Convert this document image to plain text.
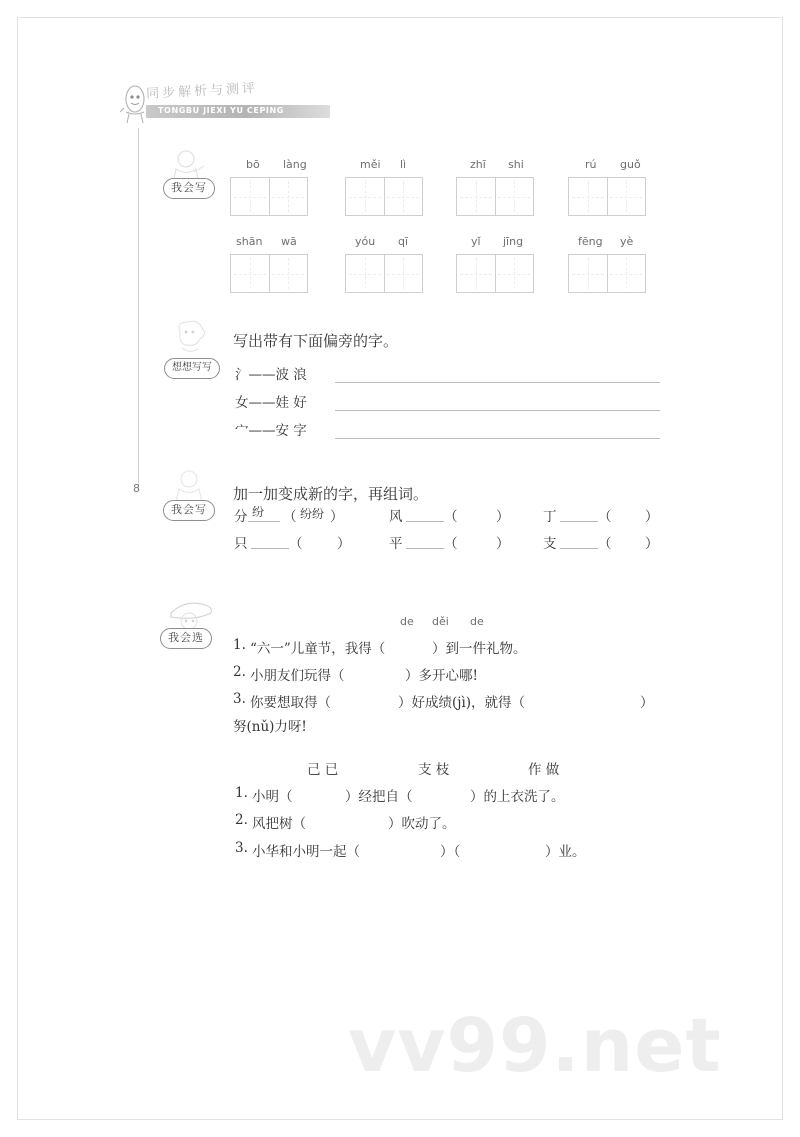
vv99.net
同步解析与测评
TONGBU JIEXI YU CEPING
8
我会写
bō làng	měi lì	zhī shi	rú guǒ
shān wā	yóu qī	yǐ jīng	fēng yè
想想写写
写出带有下面偏旁的字。
氵——波 浪
女——娃 好
宀——安 字
我会写
加一加变成新的字，再组词。
分 纷 （ 纷纷 ）	风	（	） 丁	（ ）
只	（	）	平	（	） 支	（ ）
我会选
de děi de
1. “六一”儿童节，我得（	）到一件礼物。
2. 小朋友们玩得（	）多开心哪!
3. 你要想取得（	）好成绩(jì)，就得（	）
努(nǔ)力呀!
己 已	支 枝	作 做
1. 小明（	）经把自（	）的上衣洗了。
2. 风把树（	）吹动了。
3. 小华和小明一起（	）（	）业。
